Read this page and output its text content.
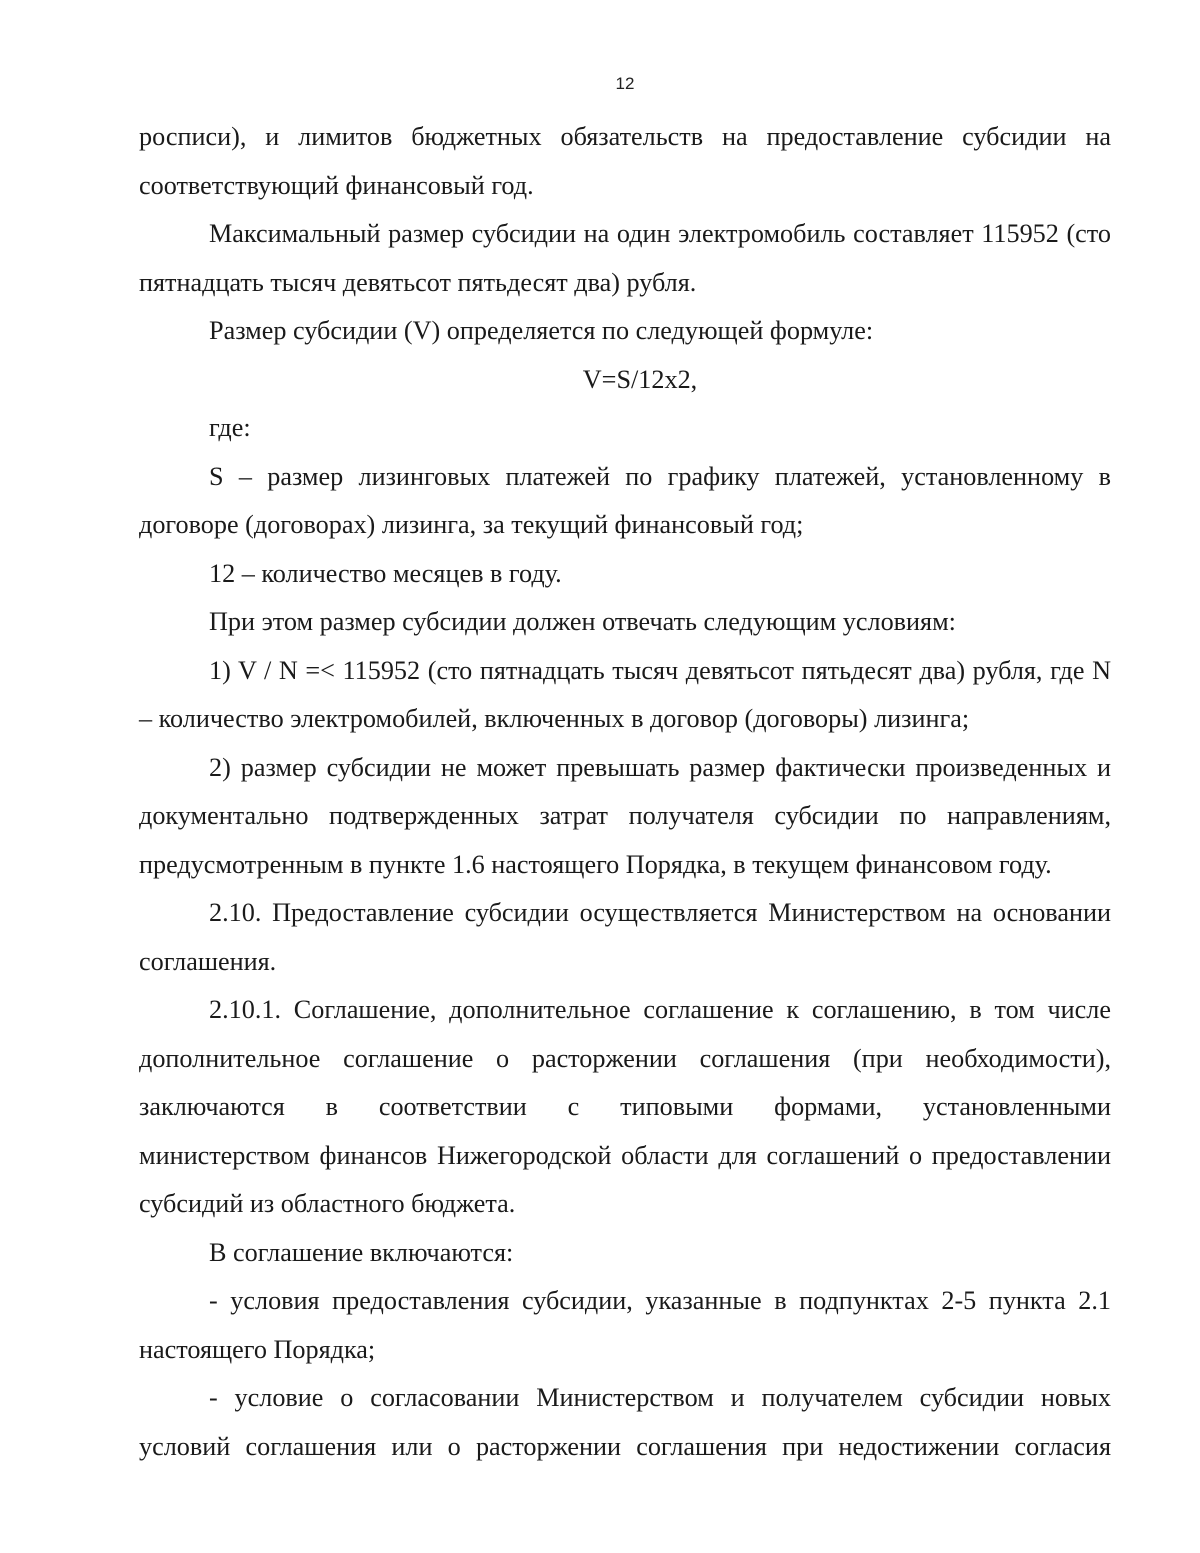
12

росписи), и лимитов бюджетных обязательств на предоставление субсидии на соответствующий финансовый год.

Максимальный размер субсидии на один электромобиль составляет 115952 (сто пятнадцать тысяч девятьсот пятьдесят два) рубля.

Размер субсидии (V) определяется по следующей формуле:

V=S/12x2,

где:

S – размер лизинговых платежей по графику платежей, установленному в договоре (договорах) лизинга, за текущий финансовый год;

12 – количество месяцев в году.

При этом размер субсидии должен отвечать следующим условиям:

1) V / N =< 115952 (сто пятнадцать тысяч девятьсот пятьдесят два) рубля, где N – количество электромобилей, включенных в договор (договоры) лизинга;

2) размер субсидии не может превышать размер фактически произведенных и документально подтвержденных затрат получателя субсидии по направлениям, предусмотренным в пункте 1.6 настоящего Порядка, в текущем финансовом году.

2.10. Предоставление субсидии осуществляется Министерством на основании соглашения.

2.10.1. Соглашение, дополнительное соглашение к соглашению, в том числе дополнительное соглашение о расторжении соглашения (при необходимости), заключаются в соответствии с типовыми формами, установленными

министерством финансов Нижегородской области для соглашений о предоставлении субсидий из областного бюджета.

В соглашение включаются:

- условия предоставления субсидии, указанные в подпунктах 2-5 пункта 2.1 настоящего Порядка;

- условие о согласовании Министерством и получателем субсидии новых условий соглашения или о расторжении соглашения при недостижении согласия
